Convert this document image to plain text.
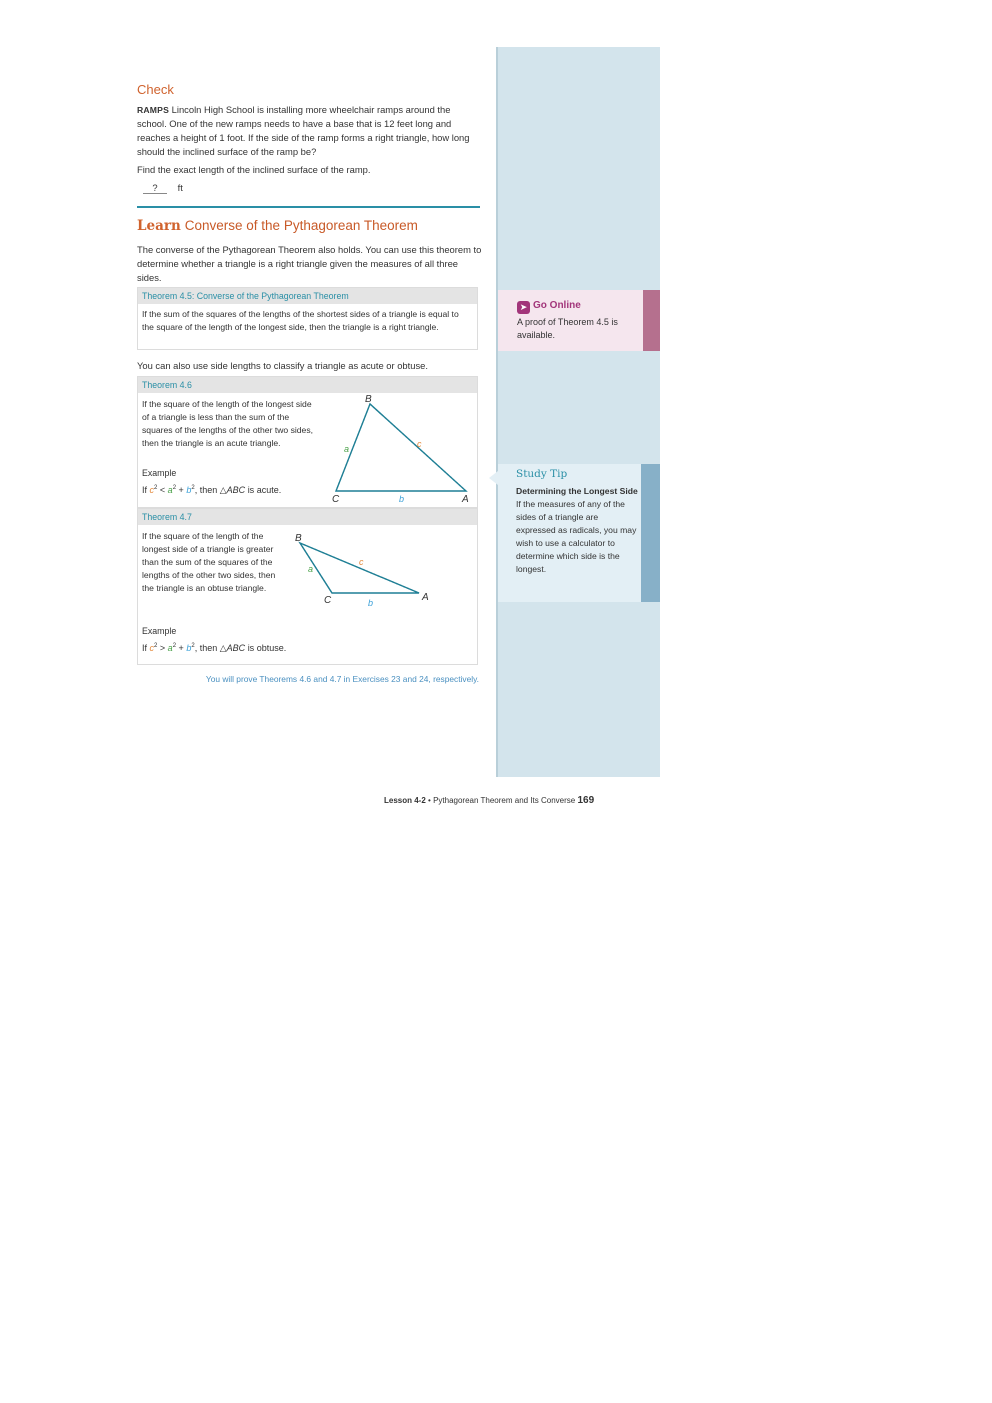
Check
RAMPS Lincoln High School is installing more wheelchair ramps around the school. One of the new ramps needs to have a base that is 12 feet long and reaches a height of 1 foot. If the side of the ramp forms a right triangle, how long should the inclined surface of the ramp be?
Find the exact length of the inclined surface of the ramp.
? ft
Learn Converse of the Pythagorean Theorem
The converse of the Pythagorean Theorem also holds. You can use this theorem to determine whether a triangle is a right triangle given the measures of all three sides.
Theorem 4.5: Converse of the Pythagorean Theorem
If the sum of the squares of the lengths of the shortest sides of a triangle is equal to the square of the length of the longest side, then the triangle is a right triangle.
You can also use side lengths to classify a triangle as acute or obtuse.
Theorem 4.6
If the square of the length of the longest side of a triangle is less than the sum of the squares of the lengths of the other two sides, then the triangle is an acute triangle.
Example
If $c^2 < a^2 + b^2$, then △ABC is acute.
B
C	A
a
b
c
Theorem 4.7
If the square of the length of the longest side of a triangle is greater than the sum of the squares of the lengths of the other two sides, then the triangle is an obtuse triangle.
Example
If $c^2 > a^2 + b^2$, then △ABC is obtuse.
B
C	A
a
b
c
You will prove Theorems 4.6 and 4.7 in Exercises 23 and 24, respectively.
➤ Go Online
A proof of Theorem 4.5 is available.
Study Tip
Determining the Longest Side If the measures of any of the sides of a triangle are expressed as radicals, you may wish to use a calculator to determine which side is the longest.
Lesson 4-2 • Pythagorean Theorem and Its Converse 169
